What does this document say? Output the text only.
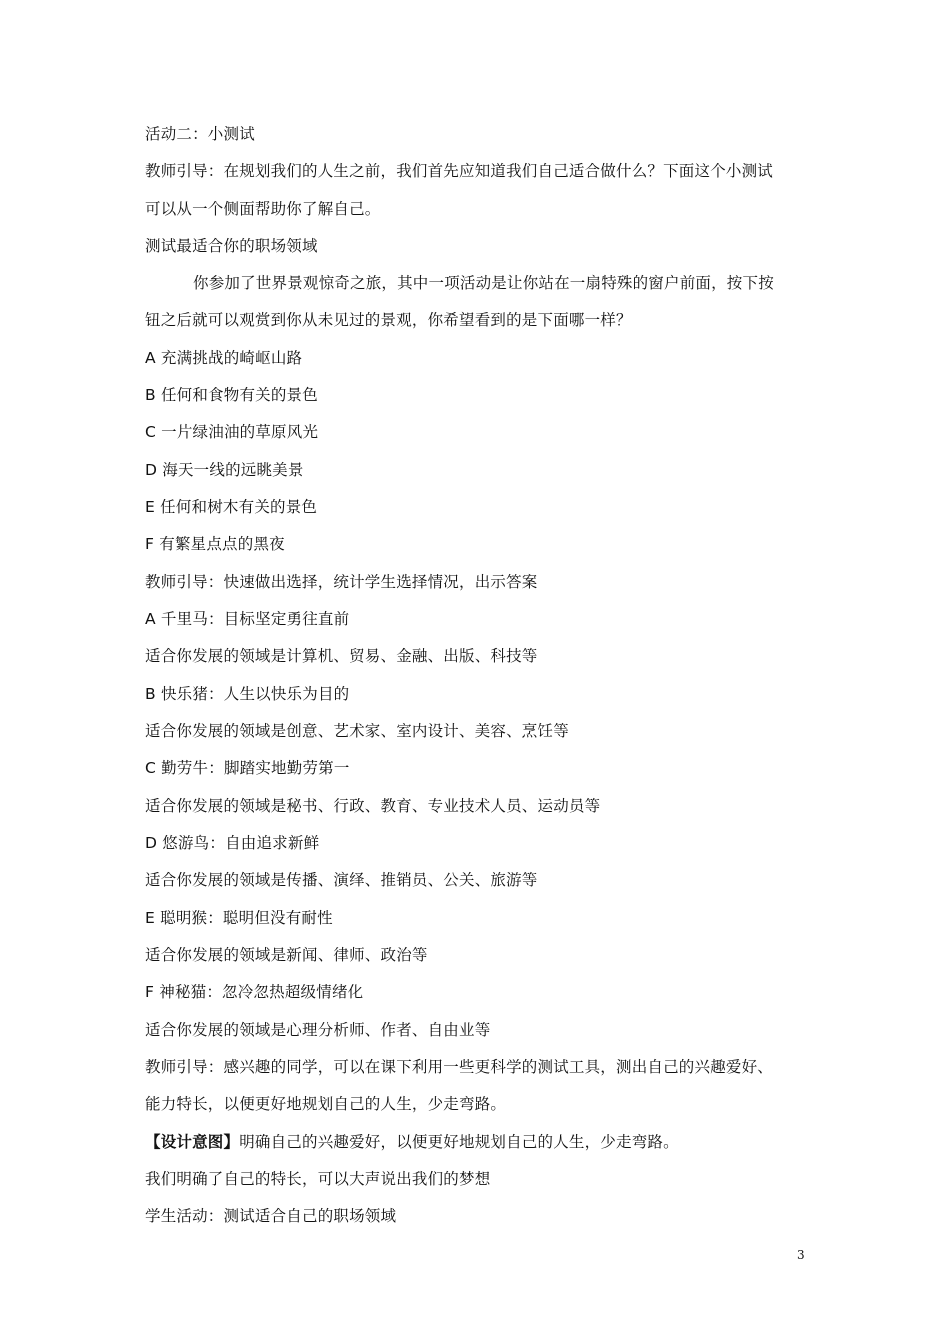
活动二：小测试
教师引导：在规划我们的人生之前，我们首先应知道我们自己适合做什么？下面这个小测试
可以从一个侧面帮助你了解自己。
测试最适合你的职场领域
你参加了世界景观惊奇之旅，其中一项活动是让你站在一扇特殊的窗户前面，按下按
钮之后就可以观赏到你从未见过的景观，你希望看到的是下面哪一样？
A 充满挑战的崎岖山路
B 任何和食物有关的景色
C 一片绿油油的草原风光
D 海天一线的远眺美景
E 任何和树木有关的景色
F 有繁星点点的黑夜
教师引导：快速做出选择，统计学生选择情况，出示答案
A 千里马：目标坚定勇往直前
适合你发展的领域是计算机、贸易、金融、出版、科技等
B 快乐猪：人生以快乐为目的
适合你发展的领域是创意、艺术家、室内设计、美容、烹饪等
C 勤劳牛：脚踏实地勤劳第一
适合你发展的领域是秘书、行政、教育、专业技术人员、运动员等
D 悠游鸟：自由追求新鲜
适合你发展的领域是传播、演绎、推销员、公关、旅游等
E 聪明猴：聪明但没有耐性
适合你发展的领域是新闻、律师、政治等
F 神秘猫：忽冷忽热超级情绪化
适合你发展的领域是心理分析师、作者、自由业等
教师引导：感兴趣的同学，可以在课下利用一些更科学的测试工具，测出自己的兴趣爱好、
能力特长，以便更好地规划自己的人生，少走弯路。
【设计意图】明确自己的兴趣爱好，以便更好地规划自己的人生，少走弯路。
我们明确了自己的特长，可以大声说出我们的梦想
学生活动：测试适合自己的职场领域
3
